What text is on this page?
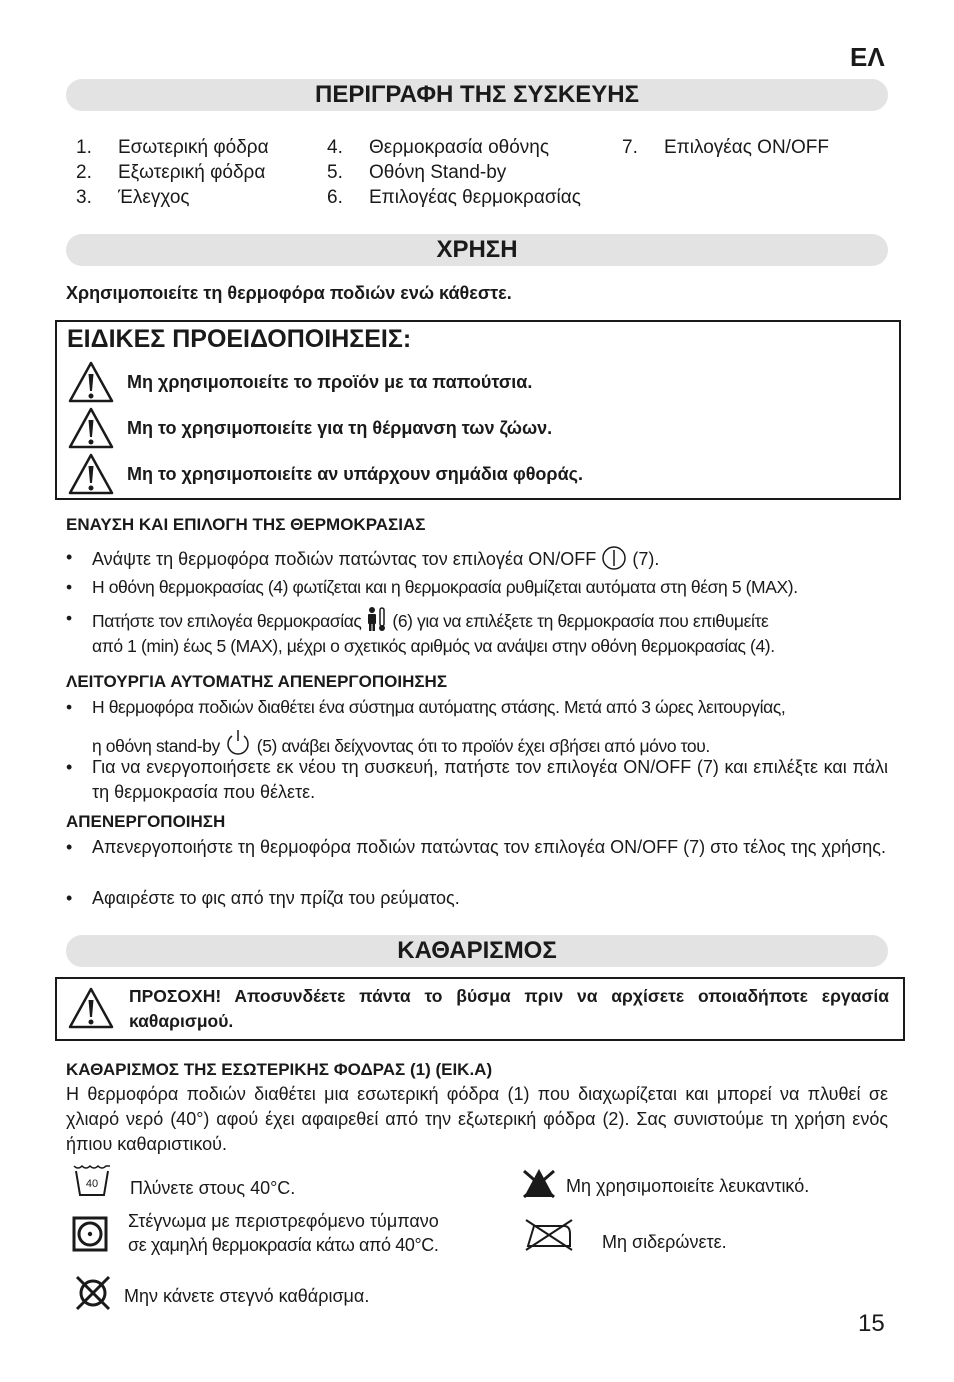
ΕΛ
ΠΕΡΙΓΡΑΦΗ ΤΗΣ ΣΥΣΚΕΥΗΣ
1.	Εσωτερική φόδρα
2.	Εξωτερική φόδρα
3.	Έλεγχος
4.	Θερμοκρασία οθόνης
5.	Οθόνη Stand-by
6.	Επιλογέας θερμοκρασίας
7.	Επιλογέας ON/OFF
ΧΡΗΣΗ
Χρησιμοποιείτε τη θερμοφόρα ποδιών ενώ κάθεστε.
ΕΙΔΙΚΕΣ ΠΡΟΕΙΔΟΠΟΙΗΣΕΙΣ:
Μη χρησιμοποιείτε το προϊόν με τα παπούτσια.
Μη το χρησιμοποιείτε για τη θέρμανση των ζώων.
Μη το χρησιμοποιείτε αν υπάρχουν σημάδια φθοράς.
ΕΝΑΥΣΗ ΚΑΙ ΕΠΙΛΟΓΗ ΤΗΣ ΘΕΡΜΟΚΡΑΣΙΑΣ
• Ανάψτε τη θερμοφόρα ποδιών πατώντας τον επιλογέα ON/OFF (7).
• Η οθόνη θερμοκρασίας (4) φωτίζεται και η θερμοκρασία ρυθμίζεται αυτόματα στη θέση 5 (MAX).
• Πατήστε τον επιλογέα θερμοκρασίας (6) για να επιλέξετε τη θερμοκρασία που επιθυμείτε
από 1 (min) έως 5 (MAX), μέχρι ο σχετικός αριθμός να ανάψει στην οθόνη θερμοκρασίας (4).
ΛΕΙΤΟΥΡΓΙΑ ΑΥΤΟΜΑΤΗΣ ΑΠΕΝΕΡΓΟΠΟΙΗΣΗΣ
• Η θερμοφόρα ποδιών διαθέτει ένα σύστημα αυτόματης στάσης. Μετά από 3 ώρες λειτουργίας,
η οθόνη stand-by (5) ανάβει δείχνοντας ότι το προϊόν έχει σβήσει από μόνο του.
• Για να ενεργοποιήσετε εκ νέου τη συσκευή, πατήστε τον επιλογέα ON/OFF (7) και επιλέξτε και πάλι τη θερμοκρασία που θέλετε.
ΑΠΕΝΕΡΓΟΠΟΙΗΣΗ
• Απενεργοποιήστε τη θερμοφόρα ποδιών πατώντας τον επιλογέα ON/OFF (7) στο τέλος της χρήσης.
• Αφαιρέστε το φις από την πρίζα του ρεύματος.
ΚΑΘΑΡΙΣΜΟΣ
ΠΡΟΣΟΧΗ! Αποσυνδέετε πάντα το βύσμα πριν να αρχίσετε οποιαδήποτε εργασία καθαρισμού.
ΚΑΘΑΡΙΣΜΟΣ ΤΗΣ ΕΣΩΤΕΡΙΚΗΣ ΦΟΔΡΑΣ (1) (ΕΙΚ.A)
Η θερμοφόρα ποδιών διαθέτει μια εσωτερική φόδρα (1) που διαχωρίζεται και μπορεί να πλυθεί σε χλιαρό νερό (40°) αφού έχει αφαιρεθεί από την εξωτερική φόδρα (2). Σας συνιστούμε τη χρήση ενός ήπιου καθαριστικού.
40 Πλύνετε στους 40°C.	Μη χρησιμοποιείτε λευκαντικό.
Στέγνωμα με περιστρεφόμενο τύμπανο
σε χαμηλή θερμοκρασία κάτω από 40°C.	Μη σιδερώνετε.
Μην κάνετε στεγνό καθάρισμα.
15
